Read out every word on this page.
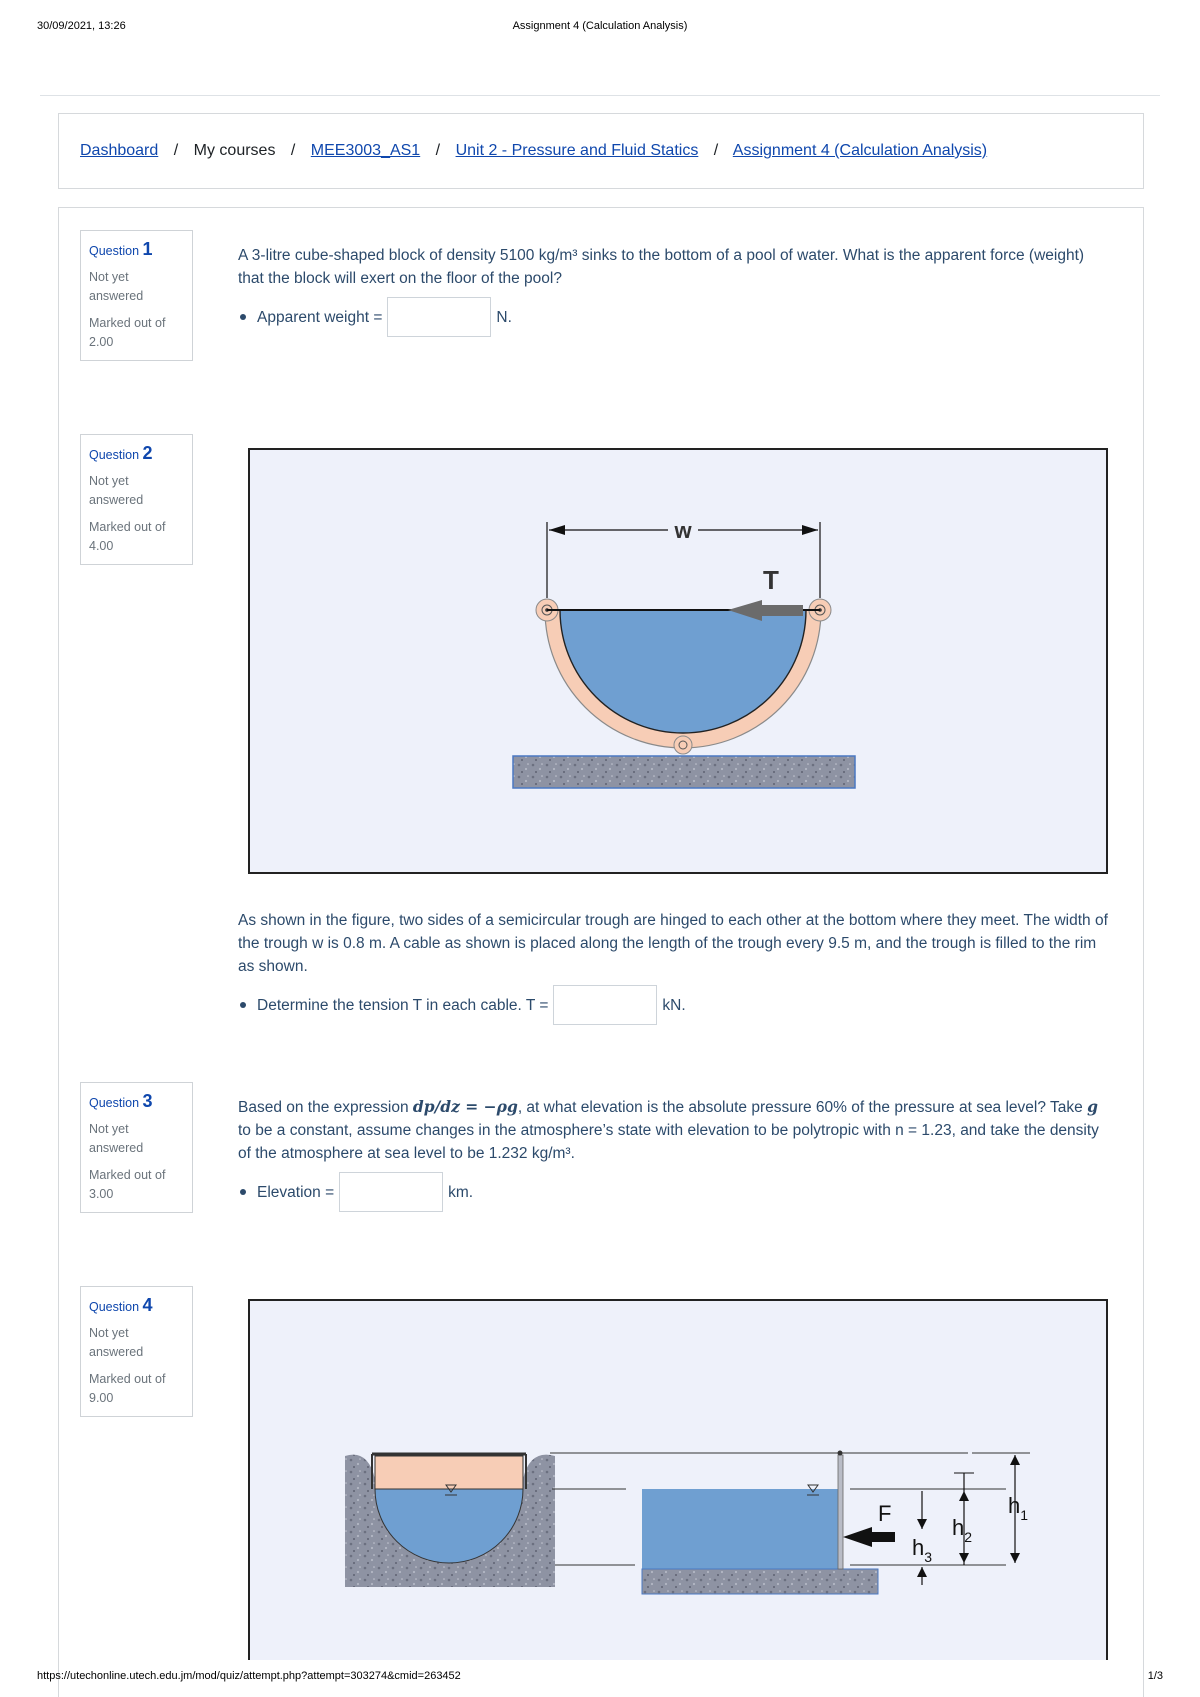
30/09/2021, 13:26	Assignment 4 (Calculation Analysis)
Dashboard / My courses / MEE3003_AS1 / Unit 2 - Pressure and Fluid Statics / Assignment 4 (Calculation Analysis)
Question 1
Not yet answered
Marked out of 2.00

A 3-litre cube-shaped block of density 5100 kg/m³ sinks to the bottom of a pool of water. What is the apparent force (weight) that the block will exert on the floor of the pool?

Apparent weight =	N.
Question 2
Not yet answered
Marked out of 4.00
w
T

As shown in the figure, two sides of a semicircular trough are hinged to each other at the bottom where they meet. The width of the trough w is 0.8 m. A cable as shown is placed along the length of the trough every 9.5 m, and the trough is filled to the rim as shown.

Determine the tension T in each cable. T =	kN.
Question 3
Not yet answered
Marked out of 3.00

Based on the expression dp/dz = −ρg, at what elevation is the absolute pressure 60% of the pressure at sea level? Take g to be a constant, assume changes in the atmosphere’s state with elevation to be polytropic with n = 1.23, and take the density of the atmosphere at sea level to be 1.232 kg/m³.

Elevation =	km.
Question 4
Not yet answered
Marked out of 9.00
F
$h_3$
$h_2$
$h_1$
https://utechonline.utech.edu.jm/mod/quiz/attempt.php?attempt=303274&cmid=263452	1/3
